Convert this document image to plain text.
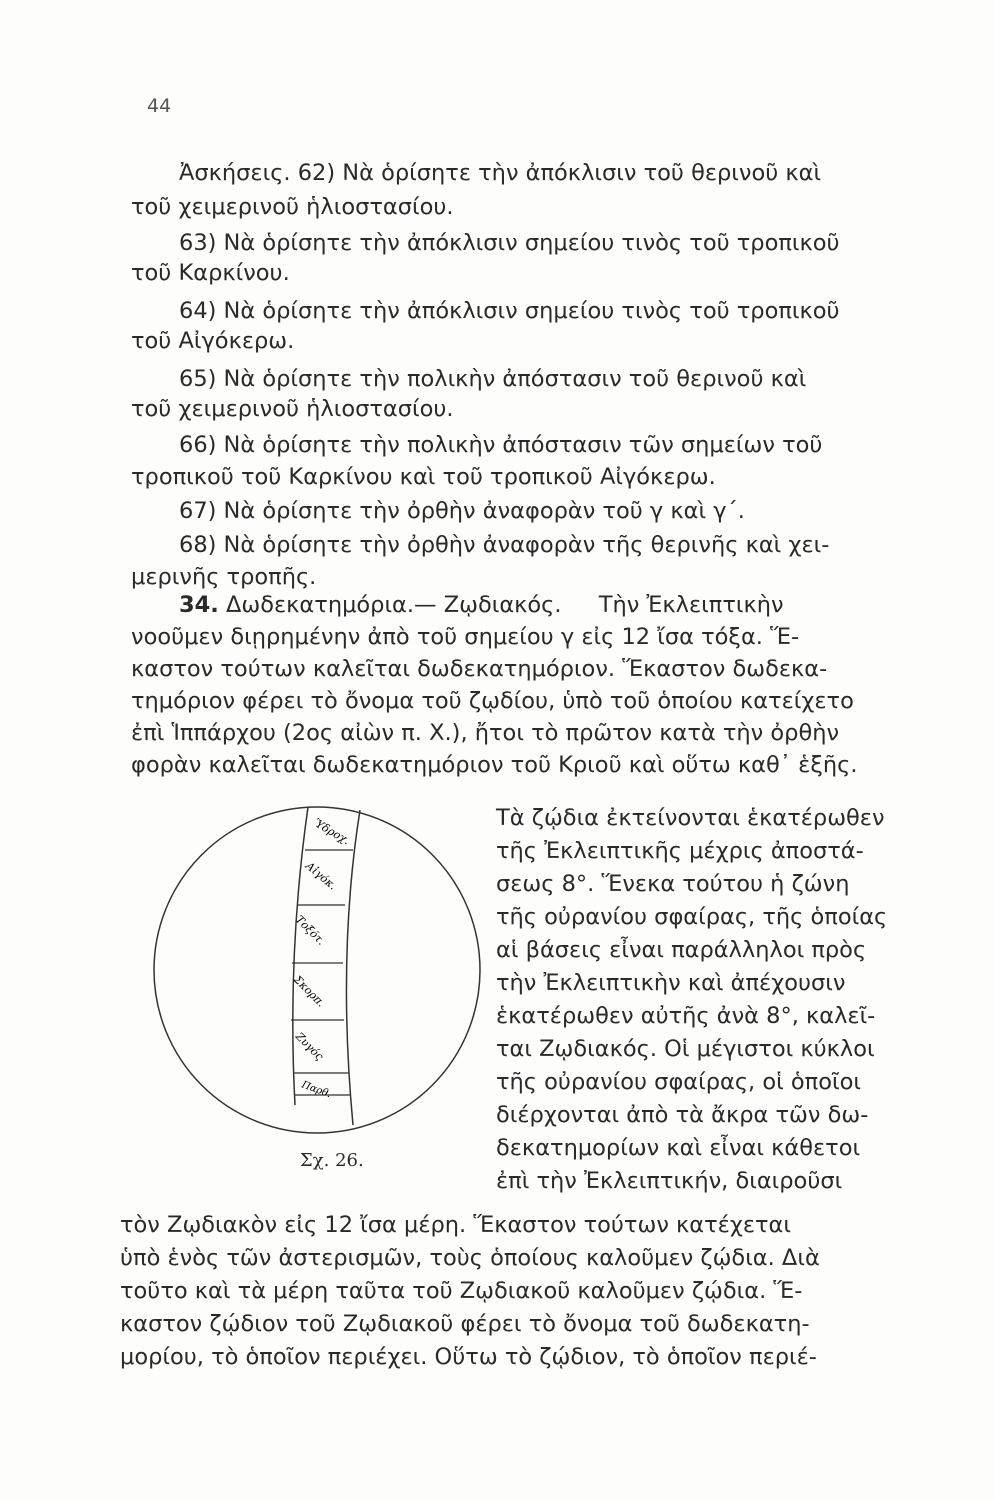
44
Ἀσκήσεις. 62) Νὰ ὁρίσητε τὴν ἀπόκλισιν τοῦ θερινοῦ καὶ
τοῦ χειμερινοῦ ἡλιοστασίου.
63) Νὰ ὁρίσητε τὴν ἀπόκλισιν σημείου τινὸς τοῦ τροπικοῦ
τοῦ Καρκίνου.
64) Νὰ ὁρίσητε τὴν ἀπόκλισιν σημείου τινὸς τοῦ τροπικοῦ
τοῦ Αἰγόκερω.
65) Νὰ ὁρίσητε τὴν πολικὴν ἀπόστασιν τοῦ θερινοῦ καὶ
τοῦ χειμερινοῦ ἡλιοστασίου.
66) Νὰ ὁρίσητε τὴν πολικὴν ἀπόστασιν τῶν σημείων τοῦ
τροπικοῦ τοῦ Καρκίνου καὶ τοῦ τροπικοῦ Αἰγόκερω.
67) Νὰ ὁρίσητε τὴν ὀρθὴν ἀναφορὰν τοῦ γ καὶ γ΄.
68) Νὰ ὁρίσητε τὴν ὀρθὴν ἀναφορὰν τῆς θερινῆς καὶ χει-
μερινῆς τροπῆς.
34. Δωδεκατημόρια.— Ζῳδιακός. Τὴν Ἐκλειπτικὴν
νοοῦμεν διῃρημένην ἀπὸ τοῦ σημείου γ εἰς 12 ἴσα τόξα. Ἕ-
καστον τούτων καλεῖται δωδεκατημόριον. Ἕκαστον δωδεκα-
τημόριον φέρει τὸ ὄνομα τοῦ ζῳδίου, ὑπὸ τοῦ ὁποίου κατείχετο
ἐπὶ Ἱππάρχου (2ος αἰὼν π. Χ.), ἤτοι τὸ πρῶτον κατὰ τὴν ὀρθὴν
φορὰν καλεῖται δωδεκατημόριον τοῦ Κριοῦ καὶ οὕτω καθ᾽ ἑξῆς.
Ὑδροχ.
Αἰγόκ.
Τοξότ.
Σκορπ.
Ζυγός
Παρθ.
Σχ. 26.
Τὰ ζῴδια ἐκτείνονται ἑκατέρωθεν
τῆς Ἐκλειπτικῆς μέχρις ἀποστά-
σεως 8°. Ἕνεκα τούτου ἡ ζώνη
τῆς οὐρανίου σφαίρας, τῆς ὁποίας
αἱ βάσεις εἶναι παράλληλοι πρὸς
τὴν Ἐκλειπτικὴν καὶ ἀπέχουσιν
ἑκατέρωθεν αὐτῆς ἀνὰ 8°, καλεῖ-
ται Ζῳδιακός. Οἱ μέγιστοι κύκλοι
τῆς οὐρανίου σφαίρας, οἱ ὁποῖοι
διέρχονται ἀπὸ τὰ ἄκρα τῶν δω-
δεκατημορίων καὶ εἶναι κάθετοι
ἐπὶ τὴν Ἐκλειπτικήν, διαιροῦσι
τὸν Ζῳδιακὸν εἰς 12 ἴσα μέρη. Ἕκαστον τούτων κατέχεται
ὑπὸ ἑνὸς τῶν ἀστερισμῶν, τοὺς ὁποίους καλοῦμεν ζῴδια. Διὰ
τοῦτο καὶ τὰ μέρη ταῦτα τοῦ Ζῳδιακοῦ καλοῦμεν ζῴδια. Ἕ-
καστον ζῴδιον τοῦ Ζῳδιακοῦ φέρει τὸ ὄνομα τοῦ δωδεκατη-
μορίου, τὸ ὁποῖον περιέχει. Οὕτω τὸ ζῴδιον, τὸ ὁποῖον περιέ-
